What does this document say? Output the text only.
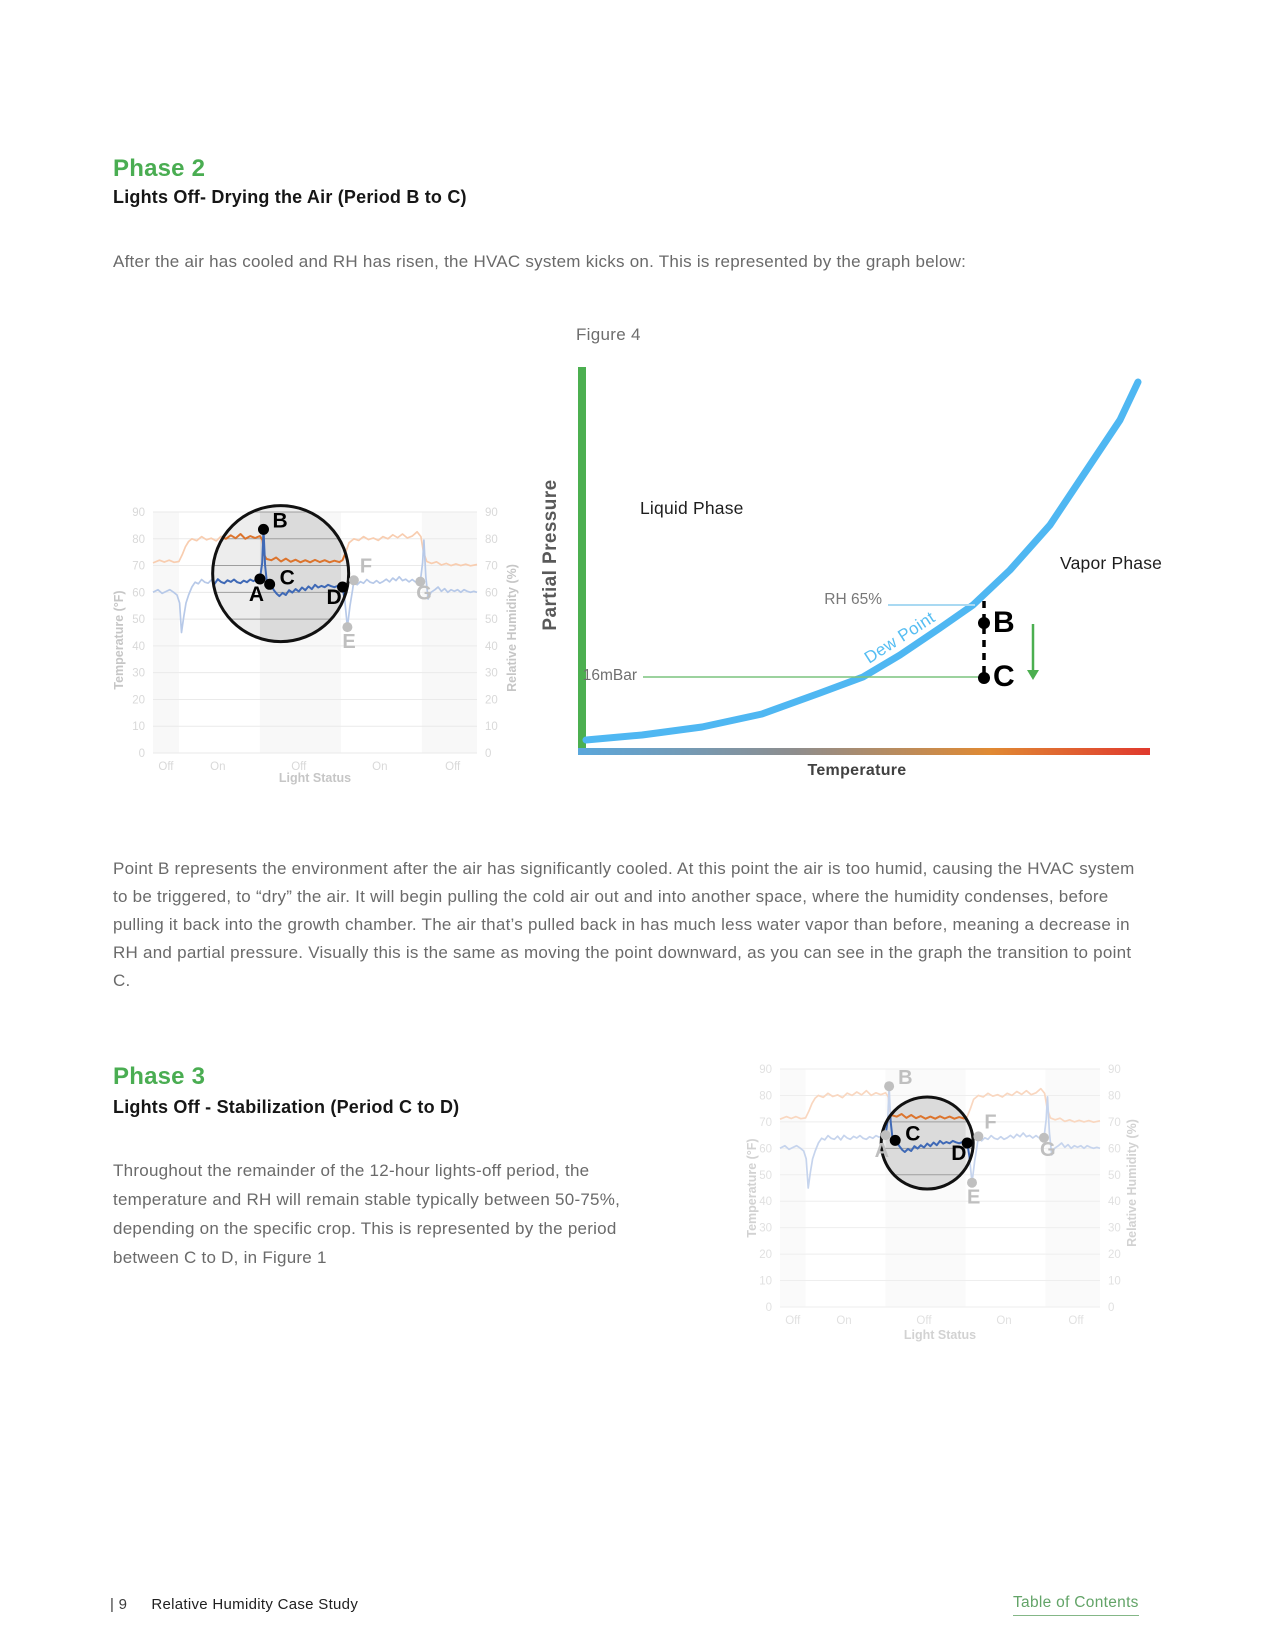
Phase 2
Lights Off- Drying the Air (Period B to C)
After the air has cooled and RH has risen, the HVAC system kicks on. This is represented by the graph below:
Figure 4
Liquid Phase
Vapor Phase
RH 65%
16mBar
Dew Point	B
C
Temperature
Partial Pressure
90	90
80	80
70	70
60	60
50	50
40	40
30	30
20	20
10	10
0	0
Off	On	Off	On	Off
E
F
G
A
B
C
D
Temperature (°F)	Relative Humidity (%)
Light Status
Point B represents the environment after the air has significantly cooled. At this point the air is too humid, causing the HVAC system to be triggered, to “dry” the air. It will begin pulling the cold air out and into another space, where the humidity condenses, before pulling it back into the growth chamber. The air that’s pulled back in has much less water vapor than before, meaning a decrease in RH and partial pressure. Visually this is the same as moving the point downward, as you can see in the graph the transition to point C.
Phase 3
Lights Off - Stabilization (Period C to D)
Throughout the remainder of the 12-hour lights-off period, the temperature and RH will remain stable typically between 50-75%, depending on the specific crop. This is represented by the period between C to D, in Figure 1
90	90
80	80
70	70
60	60
50	50
40	40
30	30
20	20
10	10
0	0
Off	On	Off	On	Off
A
B
E
F
G
C
D
Temperature (°F)	Relative Humidity (%)
Light Status
| 9 Relative Humidity Case Study	Table of Contents
